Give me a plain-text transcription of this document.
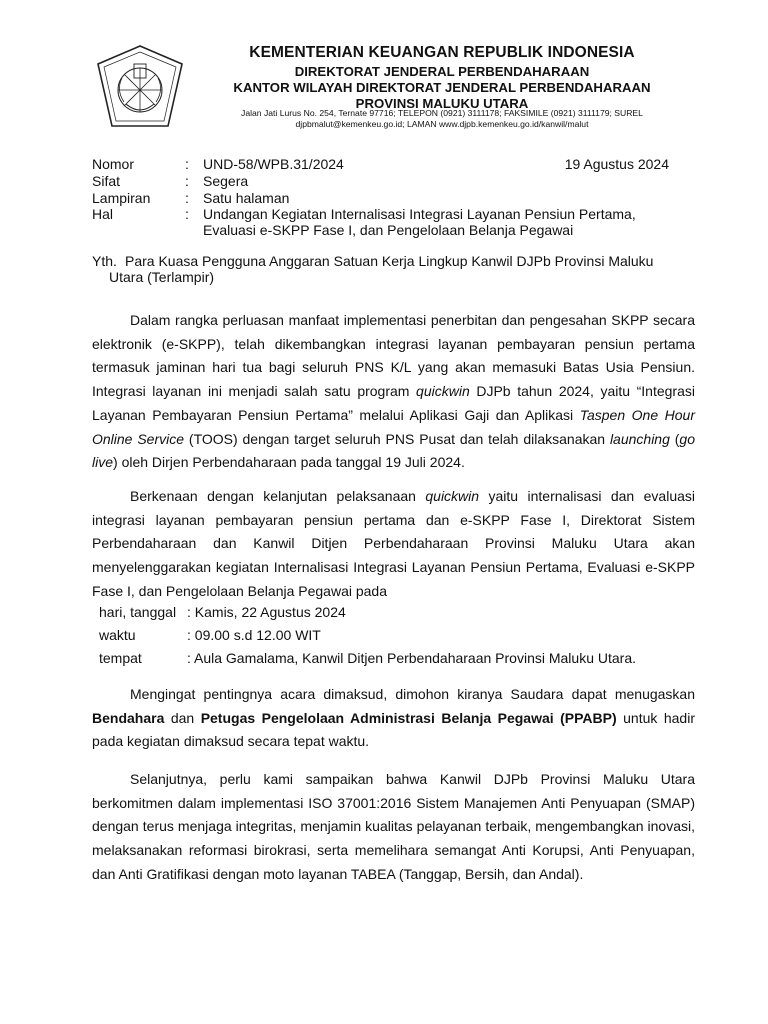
KEMENTERIAN KEUANGAN REPUBLIK INDONESIA
DIREKTORAT JENDERAL PERBENDAHARAAN
KANTOR WILAYAH DIREKTORAT JENDERAL PERBENDAHARAAN
PROVINSI MALUKU UTARA
Jalan Jati Lurus No. 254, Ternate 97716; TELEPON (0921) 3111178; FAKSIMILE (0921) 3111179; SUREL
djpbmalut@kemenkeu.go.id; LAMAN www.djpb.kemenkeu.go.id/kanwil/malut
Nomor	: UND-58/WPB.31/2024	19 Agustus 2024
Sifat	: Segera
Lampiran : Satu halaman
Hal	: Undangan Kegiatan Internalisasi Integrasi Layanan Pensiun Pertama,
Evaluasi e-SKPP Fase I, dan Pengelolaan Belanja Pegawai
Yth. Para Kuasa Pengguna Anggaran Satuan Kerja Lingkup Kanwil DJPb Provinsi Maluku
Utara (Terlampir)
Dalam rangka perluasan manfaat implementasi penerbitan dan pengesahan SKPP secara elektronik (e-SKPP), telah dikembangkan integrasi layanan pembayaran pensiun pertama termasuk jaminan hari tua bagi seluruh PNS K/L yang akan memasuki Batas Usia Pensiun. Integrasi layanan ini menjadi salah satu program quickwin DJPb tahun 2024, yaitu “Integrasi Layanan Pembayaran Pensiun Pertama” melalui Aplikasi Gaji dan Aplikasi Taspen One Hour Online Service (TOOS) dengan target seluruh PNS Pusat dan telah dilaksanakan launching (go live) oleh Dirjen Perbendaharaan pada tanggal 19 Juli 2024.
Berkenaan dengan kelanjutan pelaksanaan quickwin yaitu internalisasi dan evaluasi integrasi layanan pembayaran pensiun pertama dan e-SKPP Fase I, Direktorat Sistem Perbendaharaan dan Kanwil Ditjen Perbendaharaan Provinsi Maluku Utara akan menyelenggarakan kegiatan Internalisasi Integrasi Layanan Pensiun Pertama, Evaluasi e-SKPP Fase I, dan Pengelolaan Belanja Pegawai pada
hari, tanggal : Kamis, 22 Agustus 2024
waktu	: 09.00 s.d 12.00 WIT
tempat	: Aula Gamalama, Kanwil Ditjen Perbendaharaan Provinsi Maluku Utara.
Mengingat pentingnya acara dimaksud, dimohon kiranya Saudara dapat menugaskan Bendahara dan Petugas Pengelolaan Administrasi Belanja Pegawai (PPABP) untuk hadir pada kegiatan dimaksud secara tepat waktu.
Selanjutnya, perlu kami sampaikan bahwa Kanwil DJPb Provinsi Maluku Utara berkomitmen dalam implementasi ISO 37001:2016 Sistem Manajemen Anti Penyuapan (SMAP) dengan terus menjaga integritas, menjamin kualitas pelayanan terbaik, mengembangkan inovasi, melaksanakan reformasi birokrasi, serta memelihara semangat Anti Korupsi, Anti Penyuapan, dan Anti Gratifikasi dengan moto layanan TABEA (Tanggap, Bersih, dan Andal).
